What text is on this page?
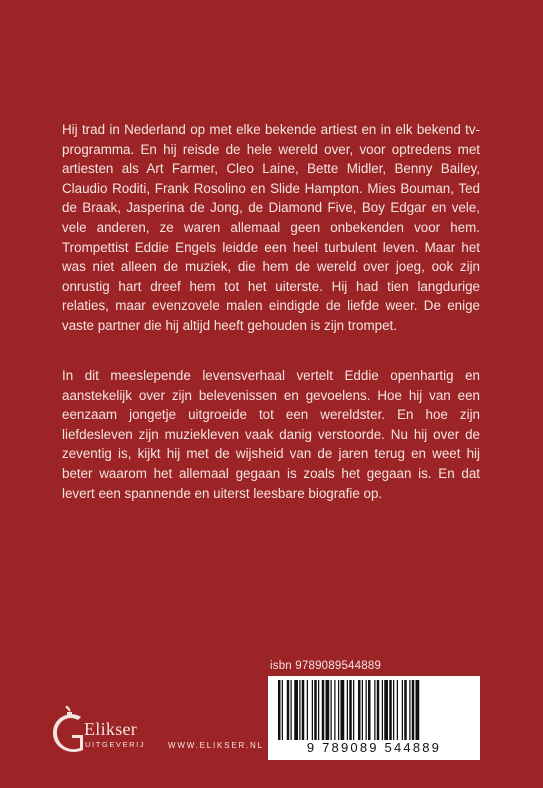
Hij trad in Nederland op met elke bekende artiest en in elk bekend tv-programma. En hij reisde de hele wereld over, voor optredens met artiesten als Art Farmer, Cleo Laine, Bette Midler, Benny Bailey, Claudio Roditi, Frank Rosolino en Slide Hampton. Mies Bouman, Ted de Braak, Jasperina de Jong, de Diamond Five, Boy Edgar en vele, vele anderen, ze waren allemaal geen onbekenden voor hem. Trompettist Eddie Engels leidde een heel turbulent leven. Maar het was niet alleen de muziek, die hem de wereld over joeg, ook zijn onrustig hart dreef hem tot het uiterste. Hij had tien langdurige relaties, maar evenzovele malen eindigde de liefde weer. De enige vaste partner die hij altijd heeft gehouden is zijn trompet.

In dit meeslepende levensverhaal vertelt Eddie openhartig en aanstekelijk over zijn belevenissen en gevoelens. Hoe hij van een eenzaam jongetje uitgroeide tot een wereldster. En hoe zijn liefdesleven zijn muziekleven vaak danig verstoorde. Nu hij over de zeventig is, kijkt hij met de wijsheid van de jaren terug en weet hij beter waarom het allemaal gegaan is zoals het gegaan is. En dat levert een spannende en uiterst leesbare biografie op.

isbn 9789089544889
9 789089 544889
Elikser
UITGEVERIJ	WWW.ELIKSER.NL
